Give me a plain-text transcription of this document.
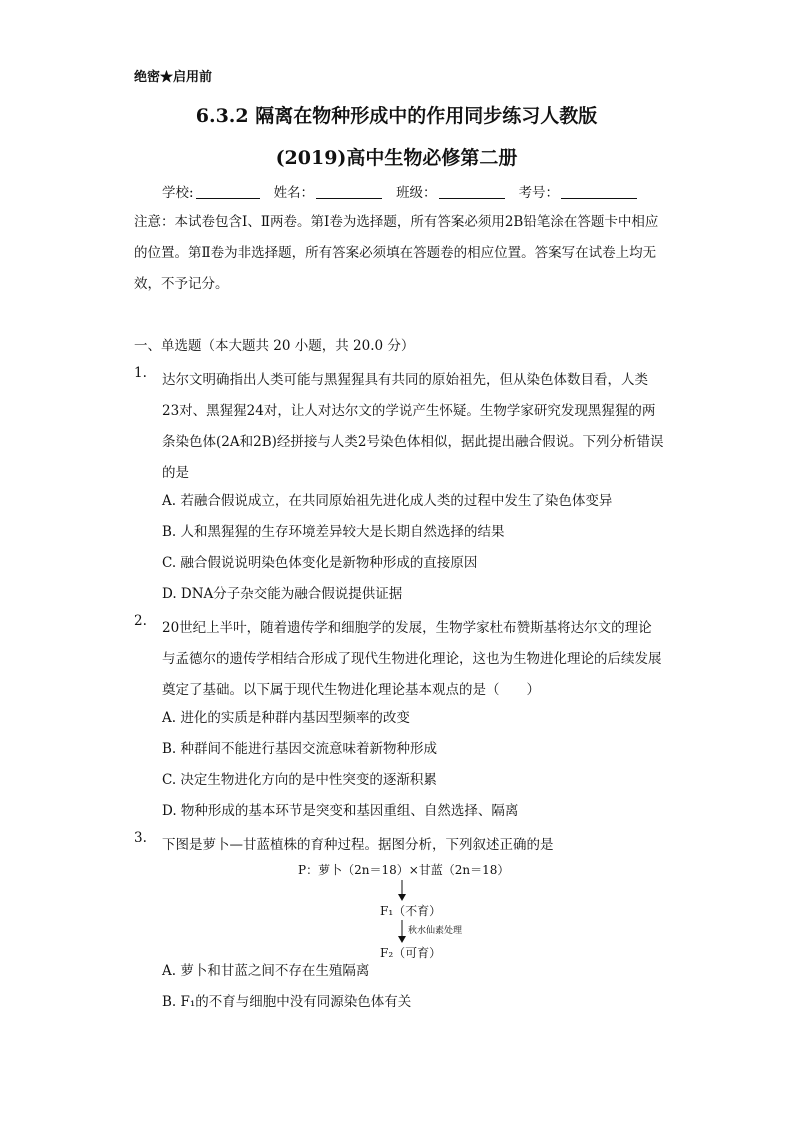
绝密★启用前
6.3.2 隔离在物种形成中的作用同步练习人教版
(2019)高中生物必修第二册
学校:	姓名：	班级：	考号：
注意：本试卷包含Ⅰ、Ⅱ两卷。第Ⅰ卷为选择题，所有答案必须用2B铅笔涂在答题卡中相应的位置。第Ⅱ卷为非选择题，所有答案必须填在答题卷的相应位置。答案写在试卷上均无效，不予记分。
一、单选题（本大题共 20 小题，共 20.0 分）
1. 达尔文明确指出人类可能与黑猩猩具有共同的原始祖先，但从染色体数目看，人类23对、黑猩猩24对，让人对达尔文的学说产生怀疑。生物学家研究发现黑猩猩的两条染色体(2A和2B)经拼接与人类2号染色体相似，据此提出融合假说。下列分析错误的是
A. 若融合假说成立，在共同原始祖先进化成人类的过程中发生了染色体变异
B. 人和黑猩猩的生存环境差异较大是长期自然选择的结果
C. 融合假说说明染色体变化是新物种形成的直接原因
D. DNA分子杂交能为融合假说提供证据
2. 20世纪上半叶，随着遗传学和细胞学的发展，生物学家杜布赞斯基将达尔文的理论与孟德尔的遗传学相结合形成了现代生物进化理论，这也为生物进化理论的后续发展奠定了基础。以下属于现代生物进化理论基本观点的是（　　）
A. 进化的实质是种群内基因型频率的改变
B. 种群间不能进行基因交流意味着新物种形成
C. 决定生物进化方向的是中性突变的逐渐积累
D. 物种形成的基本环节是突变和基因重组、自然选择、隔离
3. 下图是萝卜—甘蓝植株的育种过程。据图分析，下列叙述正确的是
P：萝卜（2n＝18）×甘蓝（2n＝18）
F₁（不育）
秋水仙素处理
F₂（可育）
A. 萝卜和甘蓝之间不存在生殖隔离
B. F₁的不育与细胞中没有同源染色体有关
